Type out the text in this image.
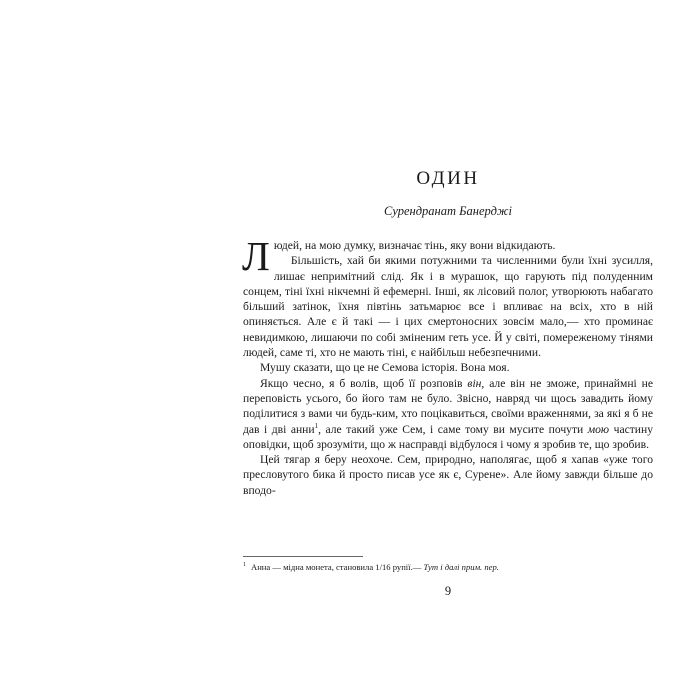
ОДИН
Сурендранат Банерджі

Людей, на мою думку, визначає тінь, яку вони відкидають.

Більшість, хай би якими потужними та численними були їхні зусилля, лишає непримітний слід. Як і в мурашок, що гарують під полуденним сонцем, тіні їхні нікчемні й ефемерні. Інші, як лісовий полог, утворюють набагато більший затінок, їхня півтінь затьмарює все і впливає на всіх, хто в ній опиняється. Але є й такі — і цих смертоносних зовсім мало,— хто проминає невидимкою, лишаючи по собі зміненим геть усе. Й у світі, помереженому тінями людей, саме ті, хто не мають тіні, є найбільш небезпечними.

Мушу сказати, що це не Семова історія. Вона моя.

Якщо чесно, я б волів, щоб її розповів він, але він не зможе, принаймні не переповість усього, бо його там не було. Звісно, навряд чи щось завадить йому поділитися з вами чи будь-ким, хто поцікавиться, своїми враженнями, за які я б не дав і дві анни$^1$, але такий уже Сем, і саме тому ви мусите почути мою частину оповідки, щоб зрозуміти, що ж насправді відбулося і чому я зробив те, що зробив.

Цей тягар я беру неохоче. Сем, природно, наполягає, щоб я хапав «уже того пресловутого бика й просто писав усе як є, Сурене». Але йому завжди більше до вподо-

$^1$ Анна — мідна монета, становила 1/16 рупії.— Тут і далі прим. пер.
9
